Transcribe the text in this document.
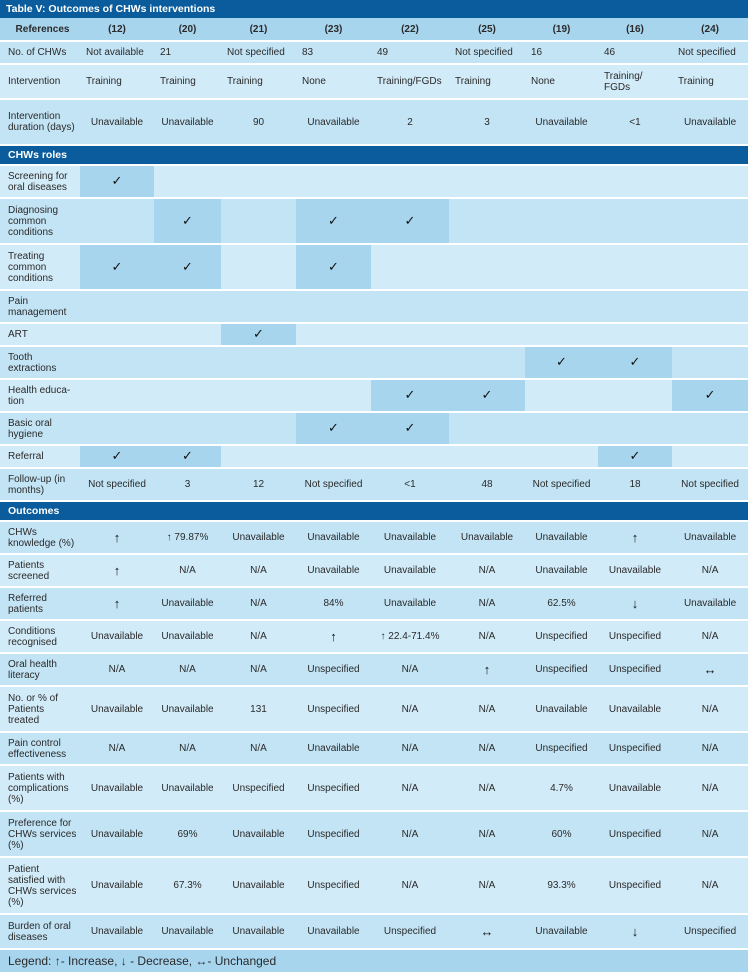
Table V: Outcomes of CHWs interventions									
References	(12)	(20)	(21)	(23)	(22)	(25)	(19)	(16)	(24)

No. of CHWs	Not available	21	Not specified	83	49	Not specified	16	46	Not specified

Intervention	Training	Training	Training	None	Training/FGDs	Training	None	Training/ FGDs	Training

Intervention duration (days)	Unavailable	Unavailable	90	Unavailable	2	3	Unavailable	<1	Unavailable

CHWs roles									

Screening for oral diseases	✓								

Diagnosing common conditions		✓		✓	✓				

Treating common conditions	✓	✓		✓					

Pain management									

ART			✓						

Tooth extractions							✓	✓	

Health educa- tion					✓	✓			✓

Basic oral hygiene				✓	✓				

Referral	✓	✓						✓	

Follow-up (in months)	Not specified	3	12	Not specified	<1	48	Not specified	18	Not specified

Outcomes									

CHWs knowledge (%)	↑	↑ 79.87%	Unavailable	Unavailable	Unavailable	Unavailable	Unavailable	↑	Unavailable

Patients screened	↑	N/A	N/A	Unavailable	Unavailable	N/A	Unavailable	Unavailable	N/A

Referred patients	↑	Unavailable	N/A	84%	Unavailable	N/A	62.5%	↓	Unavailable

Conditions recognised	Unavailable	Unavailable	N/A	↑	↑ 22.4-71.4%	N/A	Unspecified	Unspecified	N/A

Oral health literacy	N/A	N/A	N/A	Unspecified	N/A	↑	Unspecified	Unspecified	↔

No. or % of Patients treated	Unavailable	Unavailable	131	Unspecified	N/A	N/A	Unavailable	Unavailable	N/A

Pain control effectiveness	N/A	N/A	N/A	Unavailable	N/A	N/A	Unspecified	Unspecified	N/A

Patients with complications (%)	Unavailable	Unavailable	Unspecified	Unspecified	N/A	N/A	4.7%	Unavailable	N/A

Preference for CHWs services (%)	Unavailable	69%	Unavailable	Unspecified	N/A	N/A	60%	Unspecified	N/A

Patient satisfied with CHWs services (%)	Unavailable	67.3%	Unavailable	Unspecified	N/A	N/A	93.3%	Unspecified	N/A

Burden of oral diseases	Unavailable	Unavailable	Unavailable	Unavailable	Unspecified	↔	Unavailable	↓	Unspecified

Legend: ↑- Increase, ↓ - Decrease, ↔- Unchanged									
